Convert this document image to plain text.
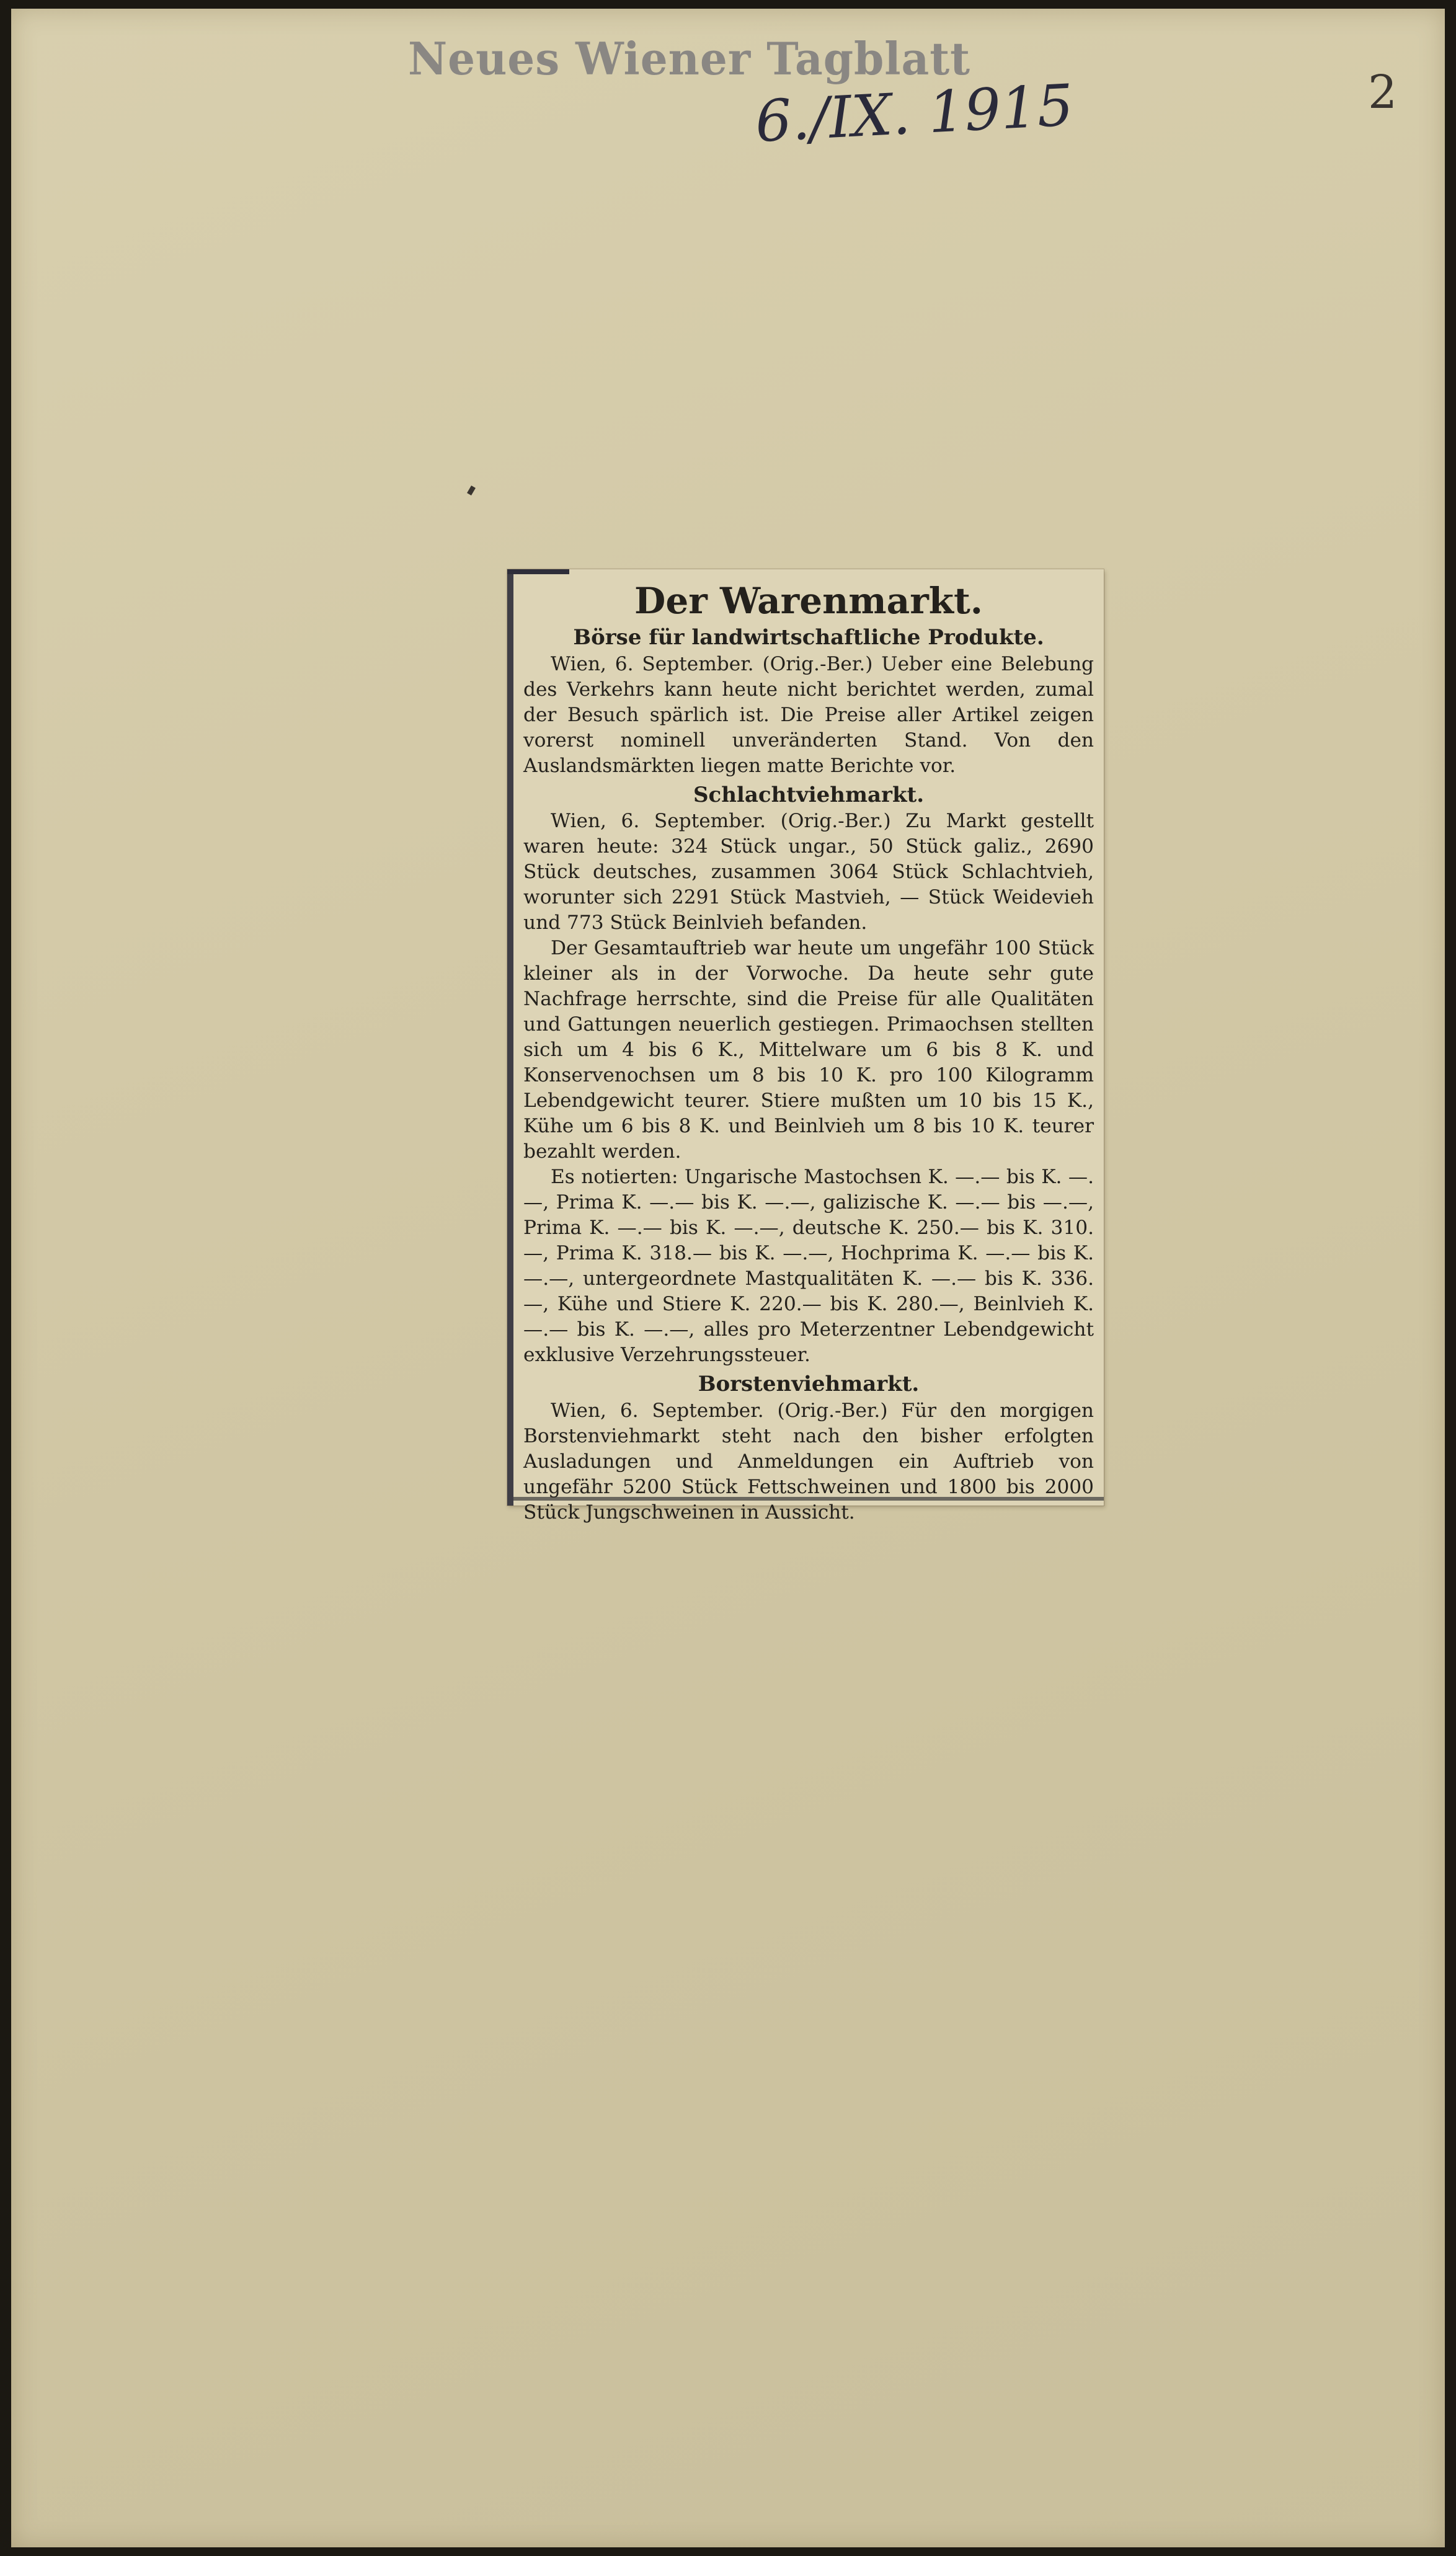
Neues Wiener Tagblatt
6./IX. 1915	2
Der Warenmarkt.
Börse für landwirtschaftliche Produkte.

Wien, 6. September. (Orig.-Ber.) Ueber eine Belebung des Verkehrs kann heute nicht berichtet werden, zumal der Besuch spärlich ist. Die Preise aller Artikel zeigen vorerst nominell unveränderten Stand. Von den Auslandsmärkten liegen matte Berichte vor.

Schlachtviehmarkt.

Wien, 6. September. (Orig.-Ber.) Zu Markt gestellt waren heute: 324 Stück ungar., 50 Stück galiz., 2690 Stück deutsches, zusammen 3064 Stück Schlachtvieh, worunter sich 2291 Stück Mastvieh, — Stück Weidevieh und 773 Stück Beinlvieh befanden.

Der Gesamtauftrieb war heute um ungefähr 100 Stück kleiner als in der Vorwoche. Da heute sehr gute Nachfrage herrschte, sind die Preise für alle Qualitäten und Gattungen neuerlich gestiegen. Primaochsen stellten sich um 4 bis 6 K., Mittelware um 6 bis 8 K. und Konservenochsen um 8 bis 10 K. pro 100 Kilogramm Lebendgewicht teurer. Stiere mußten um 10 bis 15 K., Kühe um 6 bis 8 K. und Beinlvieh um 8 bis 10 K. teurer bezahlt werden.

Es notierten: Ungarische Mastochsen K. —.— bis K. —.—, Prima K. —.— bis K. —.—, galizische K. —.— bis —.—, Prima K. —.— bis K. —.—, deutsche K. 250.— bis K. 310.—, Prima K. 318.— bis K. —.—, Hochprima K. —.— bis K. —.—, untergeordnete Mastqualitäten K. —.— bis K. 336.—, Kühe und Stiere K. 220.— bis K. 280.—, Beinlvieh K. —.— bis K. —.—, alles pro Meterzentner Lebendgewicht exklusive Verzehrungssteuer.

Borstenviehmarkt.

Wien, 6. September. (Orig.-Ber.) Für den morgigen Borstenviehmarkt steht nach den bisher erfolgten Ausladungen und Anmeldungen ein Auftrieb von ungefähr 5200 Stück Fettschweinen und 1800 bis 2000 Stück Jungschweinen in Aussicht.
